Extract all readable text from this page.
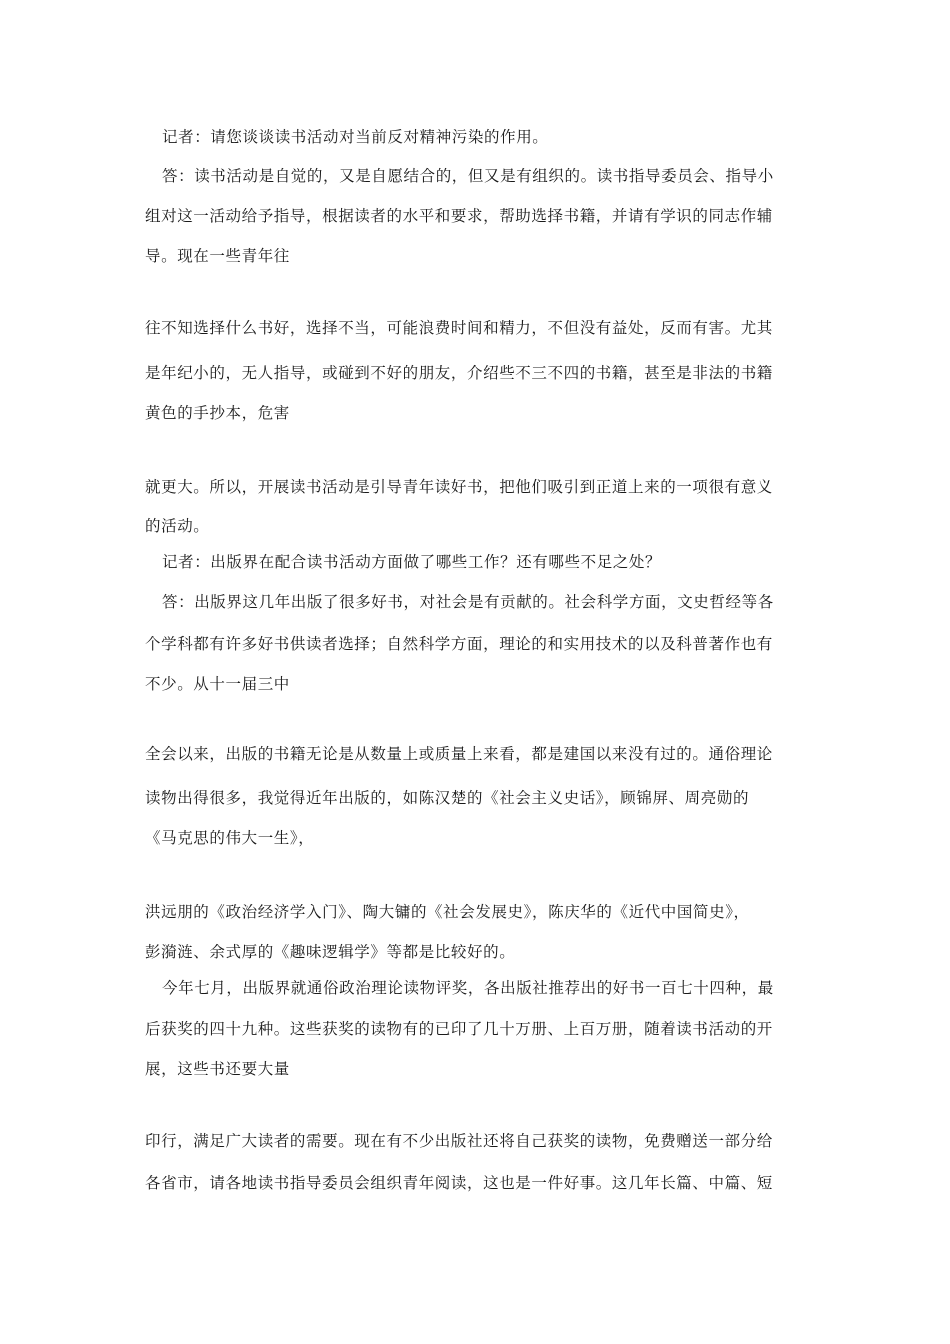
记者：请您谈谈读书活动对当前反对精神污染的作用。
答：读书活动是自觉的，又是自愿结合的，但又是有组织的。读书指导委员会、指导小
组对这一活动给予指导，根据读者的水平和要求，帮助选择书籍，并请有学识的同志作辅
导。现在一些青年往
往不知选择什么书好，选择不当，可能浪费时间和精力，不但没有益处，反而有害。尤其
是年纪小的，无人指导，或碰到不好的朋友，介绍些不三不四的书籍，甚至是非法的书籍
黄色的手抄本，危害
就更大。所以，开展读书活动是引导青年读好书，把他们吸引到正道上来的一项很有意义
的活动。
记者：出版界在配合读书活动方面做了哪些工作？还有哪些不足之处？
答：出版界这几年出版了很多好书，对社会是有贡献的。社会科学方面，文史哲经等各
个学科都有许多好书供读者选择；自然科学方面，理论的和实用技术的以及科普著作也有
不少。从十一届三中
全会以来，出版的书籍无论是从数量上或质量上来看，都是建国以来没有过的。通俗理论
读物出得很多，我觉得近年出版的，如陈汉楚的《社会主义史话》，顾锦屏、周亮勋的
《马克思的伟大一生》，
洪远朋的《政治经济学入门》、陶大镛的《社会发展史》，陈庆华的《近代中国简史》，
彭漪涟、余式厚的《趣味逻辑学》等都是比较好的。
今年七月，出版界就通俗政治理论读物评奖，各出版社推荐出的好书一百七十四种，最
后获奖的四十九种。这些获奖的读物有的已印了几十万册、上百万册，随着读书活动的开
展，这些书还要大量
印行，满足广大读者的需要。现在有不少出版社还将自己获奖的读物，免费赠送一部分给
各省市，请各地读书指导委员会组织青年阅读，这也是一件好事。这几年长篇、中篇、短
